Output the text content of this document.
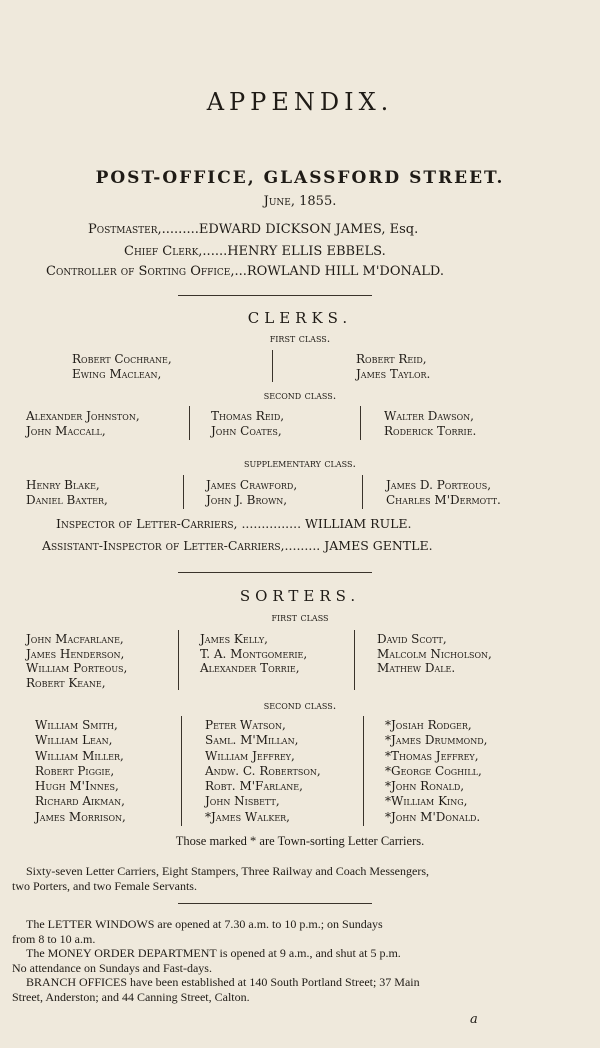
APPENDIX.
POST-OFFICE, GLASSFORD STREET.
June, 1855.
Postmaster,.........EDWARD DICKSON JAMES, Esq.
Chief Clerk,......HENRY ELLIS EBBELS.
Controller of Sorting Office,...ROWLAND HILL M'DONALD.
CLERKS.
first class.
Robert Cochrane,
Ewing Maclean,
Robert Reid,
James Taylor.
second class.
Alexander Johnston,
John Maccall,
Thomas Reid,
John Coates,
Walter Dawson,
Roderick Torrie.
supplementary class.
Henry Blake,
Daniel Baxter,
James Crawford,
John J. Brown,
James D. Porteous,
Charles M'Dermott.
Inspector of Letter-Carriers, ............... WILLIAM RULE.
Assistant-Inspector of Letter-Carriers,......... JAMES GENTLE.
SORTERS.
first class
John Macfarlane,
James Henderson,
William Porteous,
Robert Keane,
James Kelly,
T. A. Montgomerie,
Alexander Torrie,
David Scott,
Malcolm Nicholson,
Mathew Dale.
second class.
William Smith,
William Lean,
William Miller,
Robert Piggie,
Hugh M'Innes,
Richard Aikman,
James Morrison,
Peter Watson,
Saml. M'Millan,
William Jeffrey,
Andw. C. Robertson,
Robt. M'Farlane,
John Nisbett,
*James Walker,
*Josiah Rodger,
*James Drummond,
*Thomas Jeffrey,
*George Coghill,
*John Ronald,
*William King,
*John M'Donald.
Those marked * are Town-sorting Letter Carriers.
Sixty-seven Letter Carriers, Eight Stampers, Three Railway and Coach Messengers,
two Porters, and two Female Servants.
The LETTER WINDOWS are opened at 7.30 a.m. to 10 p.m.; on Sundays
from 8 to 10 a.m.
The MONEY ORDER DEPARTMENT is opened at 9 a.m., and shut at 5 p.m.
No attendance on Sundays and Fast-days.
BRANCH OFFICES have been established at 140 South Portland Street; 37 Main
Street, Anderston; and 44 Canning Street, Calton.
a
